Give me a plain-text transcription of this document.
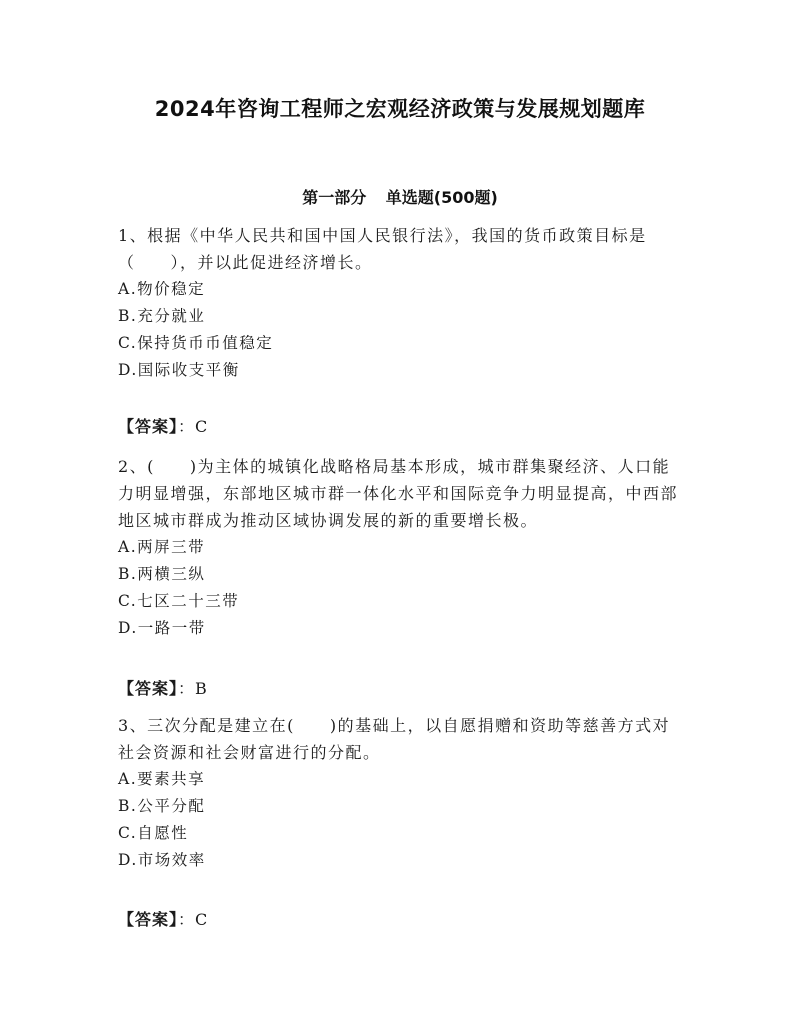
2024年咨询工程师之宏观经济政策与发展规划题库
第一部分 单选题(500题)

1、根据《中华人民共和国中国人民银行法》，我国的货币政策目标是（　　），并以此促进经济增长。

A.物价稳定

B.充分就业

C.保持货币币值稳定

D.国际收支平衡

【答案】：C

2、(　　)为主体的城镇化战略格局基本形成，城市群集聚经济、人口能力明显增强，东部地区城市群一体化水平和国际竞争力明显提高，中西部地区城市群成为推动区域协调发展的新的重要增长极。

A.两屏三带

B.两横三纵

C.七区二十三带

D.一路一带

【答案】：B

3、三次分配是建立在(　　)的基础上，以自愿捐赠和资助等慈善方式对社会资源和社会财富进行的分配。

A.要素共享

B.公平分配

C.自愿性

D.市场效率

【答案】：C
